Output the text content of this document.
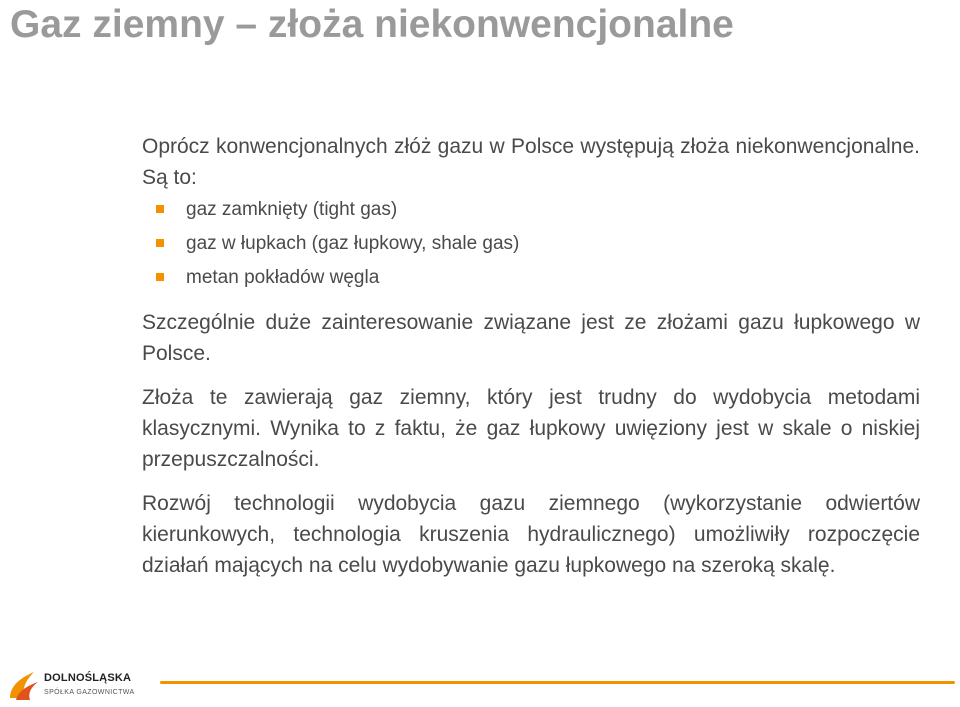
Gaz ziemny – złoża niekonwencjonalne

Oprócz konwencjonalnych złóż gazu w Polsce występują złoża niekonwencjonalne. Są to:

gaz zamknięty (tight gas)
gaz w łupkach (gaz łupkowy, shale gas)
metan pokładów węgla

Szczególnie duże zainteresowanie związane jest ze złożami gazu łupkowego w Polsce.

Złoża te zawierają gaz ziemny, który jest trudny do wydobycia metodami klasycznymi. Wynika to z faktu, że gaz łupkowy uwięziony jest w skale o niskiej przepuszczalności.

Rozwój technologii wydobycia gazu ziemnego (wykorzystanie odwiertów kierunkowych, technologia kruszenia hydraulicznego) umożliwiły rozpoczęcie działań mających na celu wydobywanie gazu łupkowego na szeroką skalę.

DOLNOŚLĄSKA
SPÓŁKA GAZOWNICTWA
